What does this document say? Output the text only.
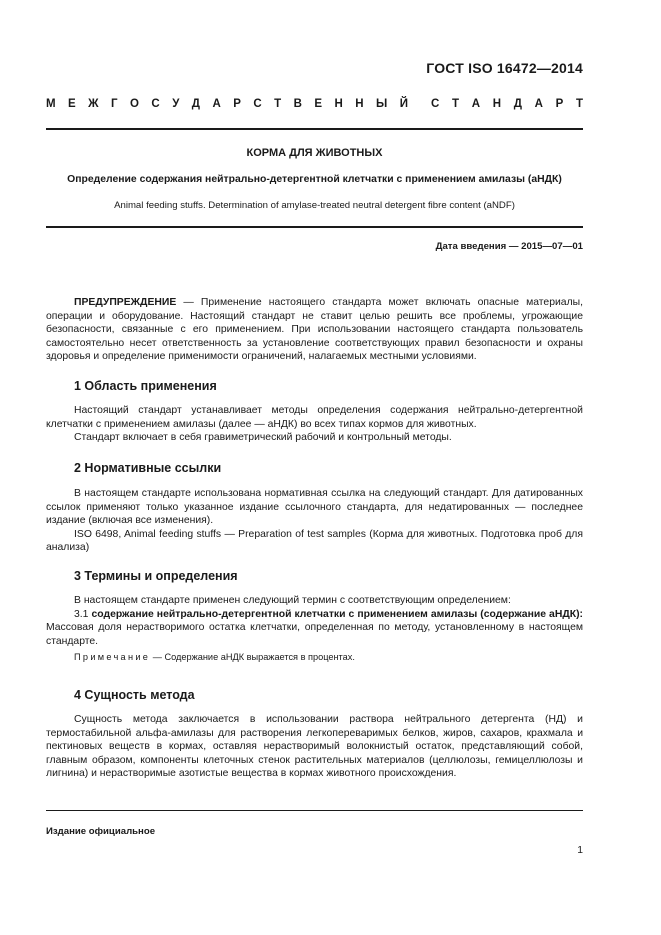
ГОСТ ISO 16472—2014
М Е Ж Г О С У Д А Р С Т В Е Н Н Ы Й С Т А Н Д А Р Т
КОРМА ДЛЯ ЖИВОТНЫХ
Определение содержания нейтрально-детергентной клетчатки с применением амилазы (аНДК)
Animal feeding stuffs. Determination of amylase-treated neutral detergent fibre content (aNDF)
Дата введения — 2015—07—01

ПРЕДУПРЕЖДЕНИЕ — Применение настоящего стандарта может включать опасные материалы, операции и оборудование. Настоящий стандарт не ставит целью решить все проблемы, угрожающие безопасности, связанные с его применением. При использовании настоящего стандарта пользователь самостоятельно несет ответственность за установление соответствующих правил безопасности и охраны здоровья и определение применимости ограничений, налагаемых местными условиями.

1 Область применения

Настоящий стандарт устанавливает методы определения содержания нейтрально-детергентной клетчатки с применением амилазы (далее — аНДК) во всех типах кормов для животных.

Стандарт включает в себя гравиметрический рабочий и контрольный методы.

2 Нормативные ссылки

В настоящем стандарте использована нормативная ссылка на следующий стандарт. Для датированных ссылок применяют только указанное издание ссылочного стандарта, для недатированных — последнее издание (включая все изменения).

ISO 6498, Animal feeding stuffs — Preparation of test samples (Корма для животных. Подготовка проб для анализа)

3 Термины и определения

В настоящем стандарте применен следующий термин с соответствующим определением:

3.1 содержание нейтрально-детергентной клетчатки с применением амилазы (содержание аНДК): Массовая доля нерастворимого остатка клетчатки, определенная по методу, установленному в настоящем стандарте.

Примечание — Содержание аНДК выражается в процентах.
4 Сущность метода

Сущность метода заключается в использовании раствора нейтрального детергента (НД) и термостабильной альфа-амилазы для растворения легкопереваримых белков, жиров, сахаров, крахмала и пектиновых веществ в кормах, оставляя нерастворимый волокнистый остаток, представляющий собой, главным образом, компоненты клеточных стенок растительных материалов (целлюлозы, гемицеллюлозы и лигнина) и нерастворимые азотистые вещества в кормах животного происхождения.

Издание официальное
1
